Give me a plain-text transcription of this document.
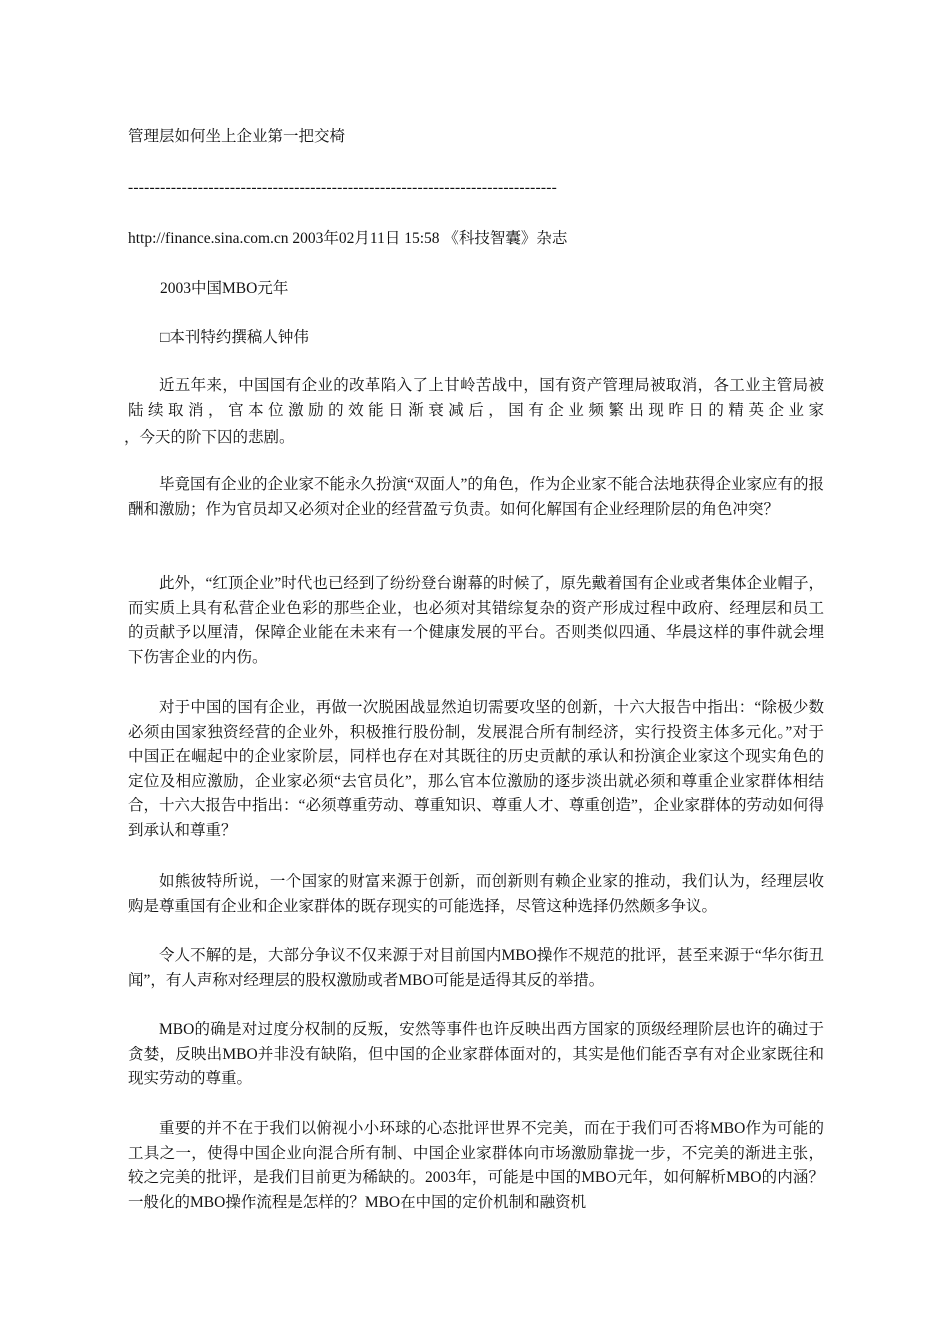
管理层如何坐上企业第一把交椅
--------------------------------------------------------------------------------
http://finance.sina.com.cn 2003年02月11日 15:58 《科技智囊》杂志
2003中国MBO元年
□本刊特约撰稿人钟伟

近五年来，中国国有企业的改革陷入了上甘岭苦战中，国有资产管理局被取消，各工业主管局被陆续取消，官本位激励的效能日渐衰减后，国有企业频繁出现昨日的精英企业家

，今天的阶下囚的悲剧。

毕竟国有企业的企业家不能永久扮演“双面人”的角色，作为企业家不能合法地获得企业家应有的报酬和激励；作为官员却又必须对企业的经营盈亏负责。如何化解国有企业经理阶层的角色冲突？

此外，“红顶企业”时代也已经到了纷纷登台谢幕的时候了，原先戴着国有企业或者集体企业帽子，而实质上具有私营企业色彩的那些企业，也必须对其错综复杂的资产形成过程中政府、经理层和员工的贡献予以厘清，保障企业能在未来有一个健康发展的平台。否则类似四通、华晨这样的事件就会埋下伤害企业的内伤。

对于中国的国有企业，再做一次脱困战显然迫切需要攻坚的创新，十六大报告中指出：“除极少数必须由国家独资经营的企业外，积极推行股份制，发展混合所有制经济，实行投资主体多元化。”对于中国正在崛起中的企业家阶层，同样也存在对其既往的历史贡献的承认和扮演企业家这个现实角色的定位及相应激励，企业家必须“去官员化”，那么官本位激励的逐步淡出就必须和尊重企业家群体相结合，十六大报告中指出：“必须尊重劳动、尊重知识、尊重人才、尊重创造”，企业家群体的劳动如何得到承认和尊重？

如熊彼特所说，一个国家的财富来源于创新，而创新则有赖企业家的推动，我们认为，经理层收购是尊重国有企业和企业家群体的既存现实的可能选择，尽管这种选择仍然颇多争议。

令人不解的是，大部分争议不仅来源于对目前国内MBO操作不规范的批评，甚至来源于“华尔街丑闻”，有人声称对经理层的股权激励或者MBO可能是适得其反的举措。

MBO的确是对过度分权制的反叛，安然等事件也许反映出西方国家的顶级经理阶层也许的确过于贪婪，反映出MBO并非没有缺陷，但中国的企业家群体面对的，其实是他们能否享有对企业家既往和现实劳动的尊重。

重要的并不在于我们以俯视小小环球的心态批评世界不完美，而在于我们可否将MBO作为可能的工具之一，使得中国企业向混合所有制、中国企业家群体向市场激励靠拢一步，不完美的渐进主张，较之完美的批评，是我们目前更为稀缺的。2003年，可能是中国的MBO元年，如何解析MBO的内涵？一般化的MBO操作流程是怎样的？MBO在中国的定价机制和融资机
